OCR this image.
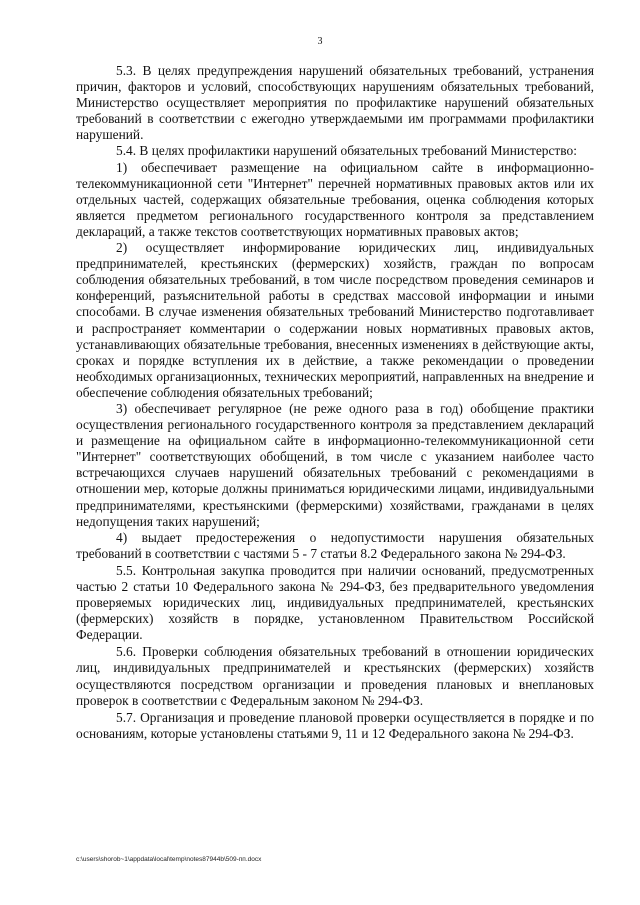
3

5.3. В целях предупреждения нарушений обязательных требований, устранения причин, факторов и условий, способствующих нарушениям обязательных требований, Министерство осуществляет мероприятия по профилактике нарушений обязательных требований в соответствии с ежегодно утверждаемыми им программами профилактики нарушений.

5.4. В целях профилактики нарушений обязательных требований Министерство:

1) обеспечивает размещение на официальном сайте в информационно-телекоммуникационной сети "Интернет" перечней нормативных правовых актов или их отдельных частей, содержащих обязательные требования, оценка соблюдения которых является предметом регионального государственного контроля за представлением деклараций, а также текстов соответствующих нормативных правовых актов;

2) осуществляет информирование юридических лиц, индивидуальных предпринимателей, крестьянских (фермерских) хозяйств, граждан по вопросам соблюдения обязательных требований, в том числе посредством проведения семинаров и конференций, разъяснительной работы в средствах массовой информации и иными способами. В случае изменения обязательных требований Министерство подготавливает и распространяет комментарии о содержании новых нормативных правовых актов, устанавливающих обязательные требования, внесенных изменениях в действующие акты, сроках и порядке вступления их в действие, а также рекомендации о проведении необходимых организационных, технических мероприятий, направленных на внедрение и обеспечение соблюдения обязательных требований;

3) обеспечивает регулярное (не реже одного раза в год) обобщение практики осуществления регионального государственного контроля за представлением деклараций и размещение на официальном сайте в информационно-телекоммуникационной сети "Интернет" соответствующих обобщений, в том числе с указанием наиболее часто встречающихся случаев нарушений обязательных требований с рекомендациями в отношении мер, которые должны приниматься юридическими лицами, индивидуальными предпринимателями, крестьянскими (фермерскими) хозяйствами, гражданами в целях недопущения таких нарушений;

4) выдает предостережения о недопустимости нарушения обязательных требований в соответствии с частями 5 - 7 статьи 8.2 Федерального закона № 294-ФЗ.

5.5. Контрольная закупка проводится при наличии оснований, предусмотренных частью 2 статьи 10 Федерального закона № 294-ФЗ, без предварительного уведомления проверяемых юридических лиц, индивидуальных предпринимателей, крестьянских (фермерских) хозяйств в порядке, установленном Правительством Российской Федерации.

5.6. Проверки соблюдения обязательных требований в отношении юридических лиц, индивидуальных предпринимателей и крестьянских (фермерских) хозяйств осуществляются посредством организации и проведения плановых и внеплановых проверок в соответствии с Федеральным законом № 294-ФЗ.

5.7. Организация и проведение плановой проверки осуществляется в порядке и по основаниям, которые установлены статьями 9, 11 и 12 Федерального закона № 294-ФЗ.

c:\users\shorob~1\appdata\local\temp\notes87944b\509-пп.docx
